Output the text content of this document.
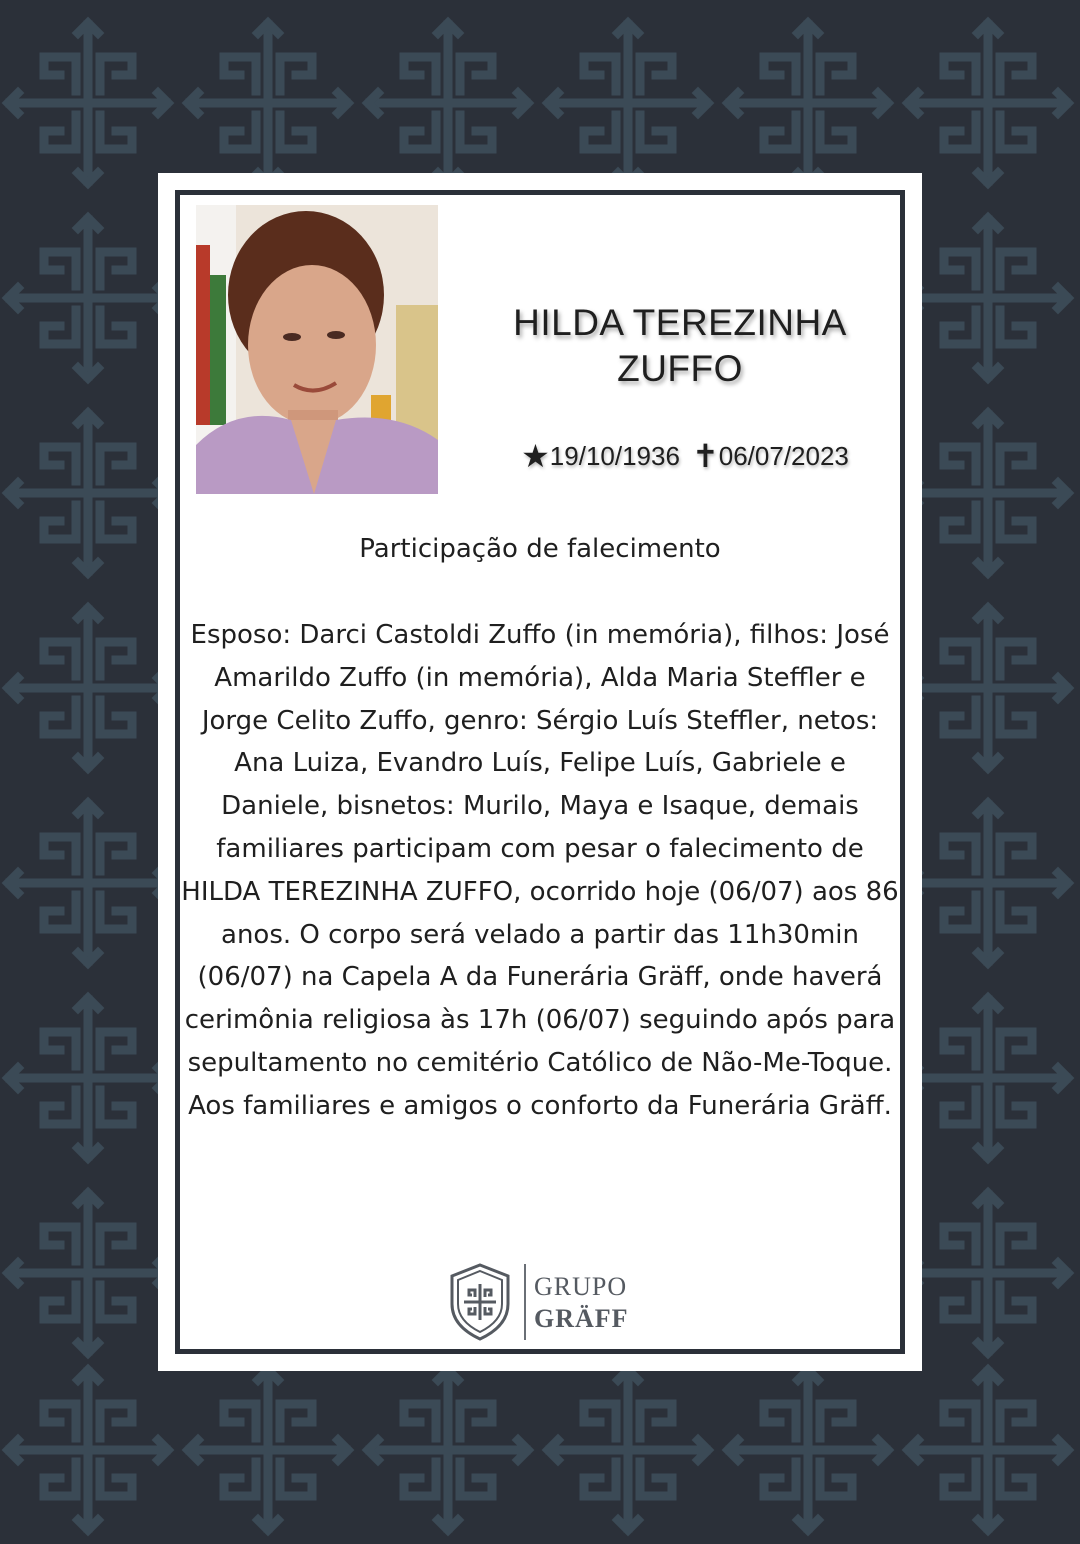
HILDA TEREZINHA
ZUFFO
★19/10/1936 ✝06/07/2023
Participação de falecimento

Esposo: Darci Castoldi Zuffo (in memória), filhos: José Amarildo Zuffo (in memória), Alda Maria Steffler e Jorge Celito Zuffo, genro: Sérgio Luís Steffler, netos: Ana Luiza, Evandro Luís, Felipe Luís, Gabriele e Daniele, bisnetos: Murilo, Maya e Isaque, demais familiares participam com pesar o falecimento de HILDA TEREZINHA ZUFFO, ocorrido hoje (06/07) aos 86 anos. O corpo será velado a partir das 11h30min (06/07) na Capela A da Funerária Gräff, onde haverá cerimônia religiosa às 17h (06/07) seguindo após para sepultamento no cemitério Católico de Não-Me-Toque.

Aos familiares e amigos o conforto da Funerária Gräff.

GRUPO
GRÄFF
